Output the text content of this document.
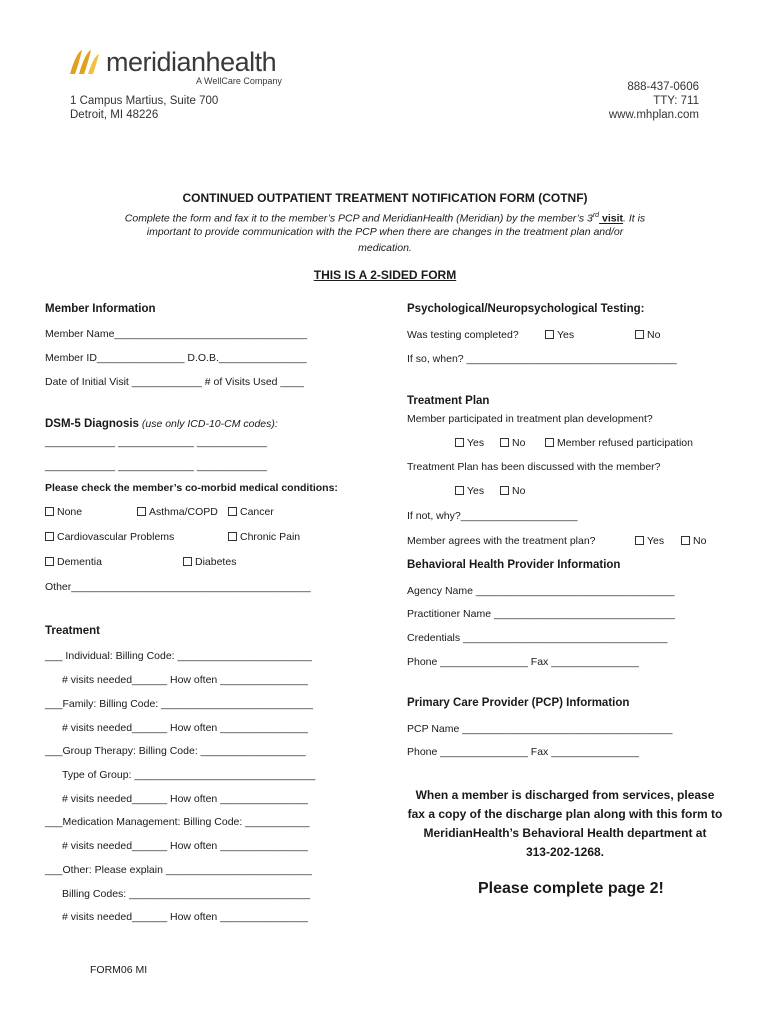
meridianhealth
A WellCare Company
1 Campus Martius, Suite 700
Detroit, MI 48226
888-437-0606
TTY: 711
www.mhplan.com
CONTINUED OUTPATIENT TREATMENT NOTIFICATION FORM (COTNF)
Complete the form and fax it to the member’s PCP and MeridianHealth (Meridian) by the member’s 3rd visit. It is
important to provide communication with the PCP when there are changes in the treatment plan and/or
medication.
THIS IS A 2-SIDED FORM
Member Information
Member Name_________________________________
Member ID_______________ D.O.B._______________
Date of Initial Visit ____________ # of Visits Used ____
DSM-5 Diagnosis (use only ICD-10-CM codes):
____________ _____________ ____________
____________ _____________ ____________
Please check the member’s co-morbid medical conditions:
None	Asthma/COPD	Cancer
Cardiovascular Problems	Chronic Pain
Dementia	Diabetes
Other_________________________________________
Treatment
___ Individual: Billing Code: _______________________
# visits needed______ How often _______________
___Family: Billing Code: __________________________
# visits needed______ How often _______________
___Group Therapy: Billing Code: __________________
Type of Group: _______________________________
# visits needed______ How often _______________
___Medication Management: Billing Code: ___________
# visits needed______ How often _______________
___Other: Please explain _________________________
Billing Codes: _______________________________
# visits needed______ How often _______________
FORM06 MI
Psychological/Neuropsychological Testing:
Was testing completed?	Yes	No
If so, when? ____________________________________
Treatment Plan
Member participated in treatment plan development?
Yes	No	Member refused participation
Treatment Plan has been discussed with the member?
Yes	No
If not, why?____________________
Member agrees with the treatment plan?	Yes	No
Behavioral Health Provider Information
Agency Name __________________________________
Practitioner Name _______________________________
Credentials ___________________________________
Phone _______________ Fax _______________
Primary Care Provider (PCP) Information
PCP Name ____________________________________
Phone _______________ Fax _______________
When a member is discharged from services, please
fax a copy of the discharge plan along with this form to
MeridianHealth’s Behavioral Health department at
313-202-1268.
Please complete page 2!
